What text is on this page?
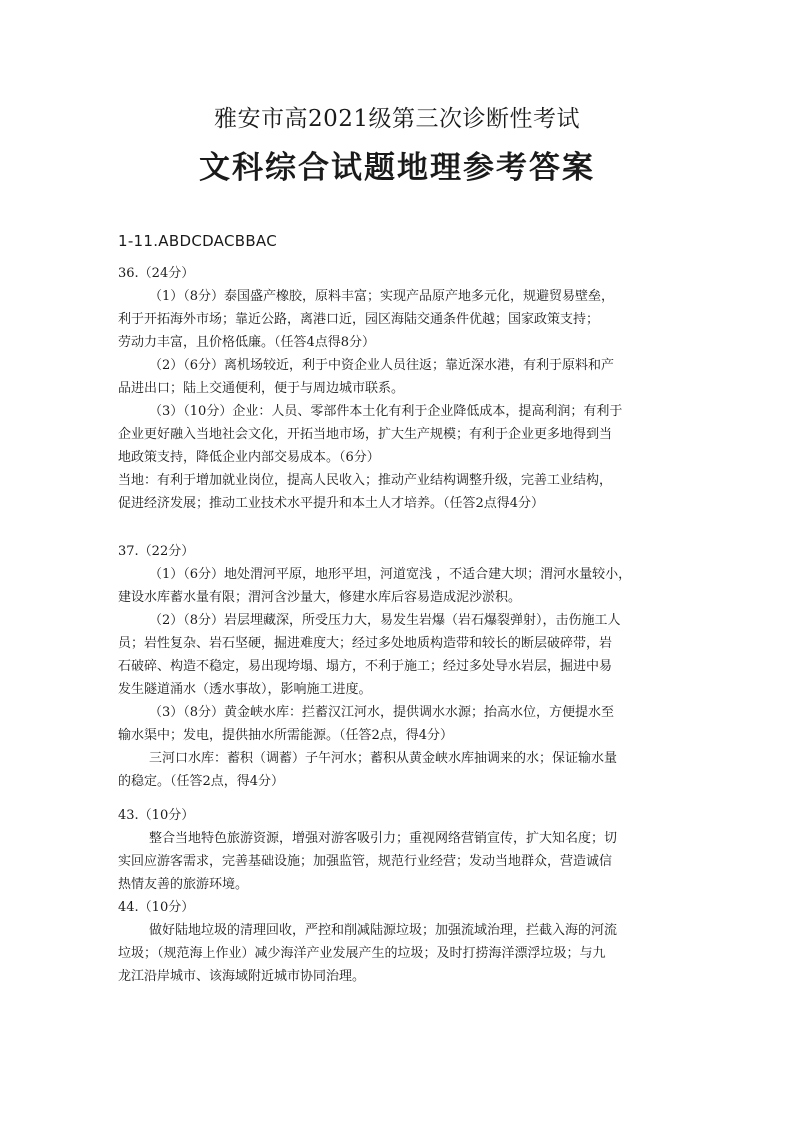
雅安市高2021级第三次诊断性考试
文科综合试题地理参考答案
1-11.ABDCDACBBAC
36.（24分）
（1）（8分）泰国盛产橡胶，原料丰富；实现产品原产地多元化，规避贸易壁垒，
利于开拓海外市场；靠近公路，离港口近，园区海陆交通条件优越；国家政策支持；
劳动力丰富，且价格低廉。（任答4点得8分）
（2）（6分）离机场较近，利于中资企业人员往返；靠近深水港，有利于原料和产
品进出口；陆上交通便利，便于与周边城市联系。
（3）（10分）企业：人员、零部件本土化有利于企业降低成本，提高利润；有利于
企业更好融入当地社会文化，开拓当地市场，扩大生产规模；有利于企业更多地得到当
地政策支持，降低企业内部交易成本。（6分）
当地：有利于增加就业岗位，提高人民收入；推动产业结构调整升级，完善工业结构，
促进经济发展；推动工业技术水平提升和本土人才培养。（任答2点得4分）
37.（22分）
（1）（6分）地处渭河平原，地形平坦，河道宽浅 ，不适合建大坝；渭河水量较小，
建设水库蓄水量有限；渭河含沙量大，修建水库后容易造成泥沙淤积。
（2）（8分）岩层埋藏深，所受压力大，易发生岩爆（岩石爆裂弹射），击伤施工人
员；岩性复杂、岩石坚硬，掘进难度大；经过多处地质构造带和较长的断层破碎带，岩
石破碎、构造不稳定，易出现垮塌、塌方，不利于施工；经过多处导水岩层，掘进中易
发生隧道涌水（透水事故），影响施工进度。
（3）（8分）黄金峡水库：拦蓄汉江河水，提供调水水源；抬高水位，方便提水至
输水渠中；发电，提供抽水所需能源。（任答2点，得4分）
三河口水库：蓄积（调蓄）子午河水；蓄积从黄金峡水库抽调来的水；保证输水量
的稳定。（任答2点，得4分）
43.（10分）
整合当地特色旅游资源，增强对游客吸引力；重视网络营销宣传，扩大知名度；切
实回应游客需求，完善基础设施；加强监管，规范行业经营；发动当地群众，营造诚信
热情友善的旅游环境。
44.（10分）
做好陆地垃圾的清理回收，严控和削减陆源垃圾；加强流域治理，拦截入海的河流
垃圾；（规范海上作业）减少海洋产业发展产生的垃圾；及时打捞海洋漂浮垃圾；与九
龙江沿岸城市、该海域附近城市协同治理。
